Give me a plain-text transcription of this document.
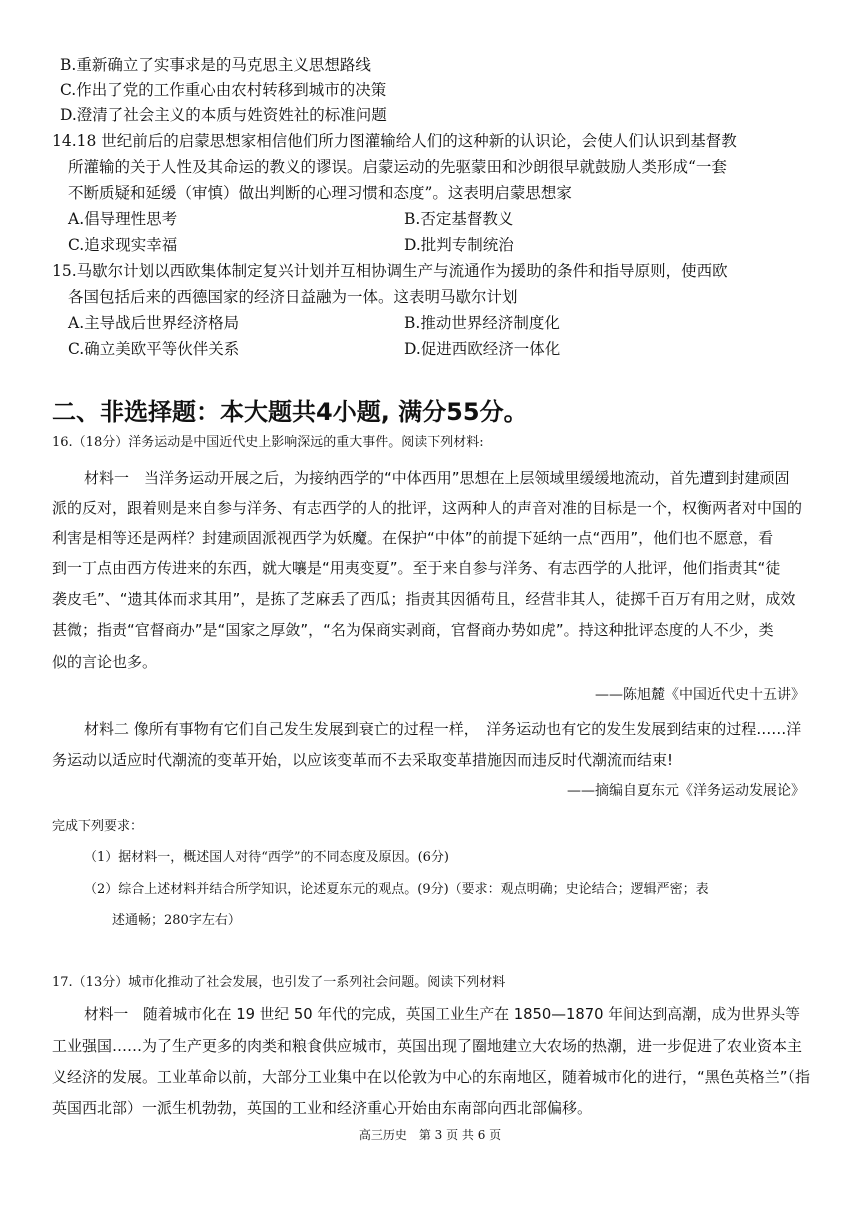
B.重新确立了实事求是的马克思主义思想路线
C.作出了党的工作重心由农村转移到城市的决策
D.澄清了社会主义的本质与姓资姓社的标准问题
14.18 世纪前后的启蒙思想家相信他们所力图灌输给人们的这种新的认识论，会使人们认识到基督教
所灌输的关于人性及其命运的教义的谬误。启蒙运动的先驱蒙田和沙朗很早就鼓励人类形成“一套
不断质疑和延缓（审慎）做出判断的心理习惯和态度”。这表明启蒙思想家
A.倡导理性思考	B.否定基督教义
C.追求现实幸福	D.批判专制统治
15.马歇尔计划以西欧集体制定复兴计划并互相协调生产与流通作为援助的条件和指导原则，使西欧
各国包括后来的西德国家的经济日益融为一体。这表明马歇尔计划
A.主导战后世界经济格局	B.推动世界经济制度化
C.确立美欧平等伙伴关系	D.促进西欧经济一体化
二、非选择题：本大题共4小题, 满分55分。
16.（18分）洋务运动是中国近代史上影响深远的重大事件。阅读下列材料:
材料一　当洋务运动开展之后，为接纳西学的“中体西用”思想在上层领域里缓缓地流动，首先遭到封建顽固
派的反对，跟着则是来自参与洋务、有志西学的人的批评，这两种人的声音对准的目标是一个，权衡两者对中国的
利害是相等还是两样？封建顽固派视西学为妖魔。在保护“中体”的前提下延纳一点“西用”，他们也不愿意，看
到一丁点由西方传进来的东西，就大嚷是“用夷变夏”。至于来自参与洋务、有志西学的人批评，他们指责其“徒
袭皮毛”、“遗其体而求其用”，是拣了芝麻丢了西瓜；指责其因循苟且，经营非其人，徒掷千百万有用之财，成效
甚微；指责“官督商办”是“国家之厚敛”，“名为保商实剥商，官督商办势如虎”。持这种批评态度的人不少，类
似的言论也多。
——陈旭麓《中国近代史十五讲》
材料二 像所有事物有它们自己发生发展到衰亡的过程一样，　洋务运动也有它的发生发展到结束的过程……洋
务运动以适应时代潮流的变革开始，以应该变革而不去采取变革措施因而违反时代潮流而结束!
——摘编自夏东元《洋务运动发展论》
完成下列要求：
（1）据材料一，概述国人对待“西学”的不同态度及原因。(6分)
（2）综合上述材料并结合所学知识，论述夏东元的观点。(9分)（要求：观点明确；史论结合；逻辑严密；表
述通畅；280字左右）
17.（13分）城市化推动了社会发展，也引发了一系列社会问题。阅读下列材料
材料一　随着城市化在 19 世纪 50 年代的完成，英国工业生产在 1850—1870 年间达到高潮，成为世界头等
工业强国……为了生产更多的肉类和粮食供应城市，英国出现了圈地建立大农场的热潮，进一步促进了农业资本主
义经济的发展。工业革命以前，大部分工业集中在以伦敦为中心的东南地区，随着城市化的进行，“黑色英格兰”（指
英国西北部）一派生机勃勃，英国的工业和经济重心开始由东南部向西北部偏移。
高三历史　第 3 页 共 6 页
